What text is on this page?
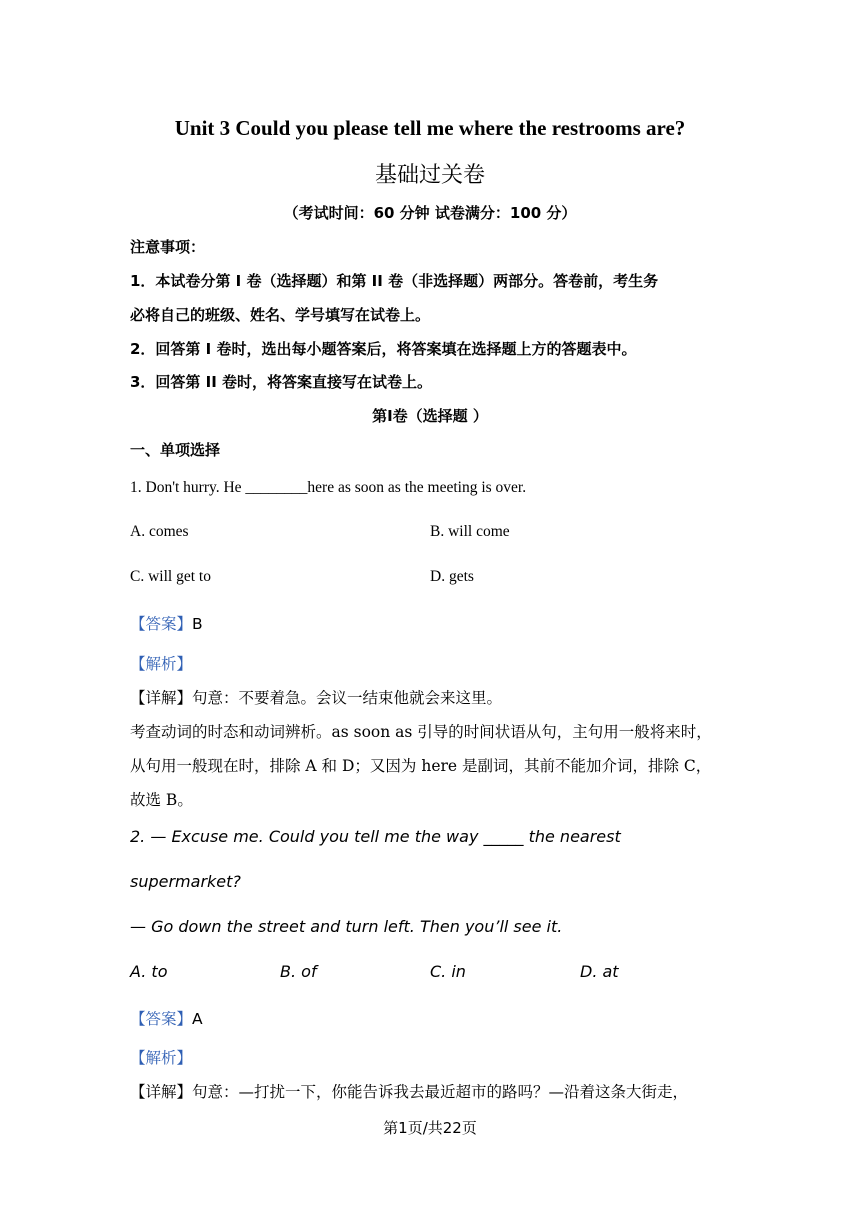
Unit 3 Could you please tell me where the restrooms are?
基础过关卷
（考试时间：60 分钟 试卷满分：100 分）
注意事项：
1．本试卷分第 I 卷（选择题）和第 II 卷（非选择题）两部分。答卷前，考生务
必将自己的班级、姓名、学号填写在试卷上。
2．回答第 I 卷时，选出每小题答案后，将答案填在选择题上方的答题表中。
3．回答第 II 卷时，将答案直接写在试卷上。
第Ⅰ卷（选择题 ）
一、单项选择
1. Don't hurry. He ________here as soon as the meeting is over.
A. comes	B. will come
C. will get to	D. gets
【答案】B
【解析】
【详解】句意：不要着急。会议一结束他就会来这里。
考查动词的时态和动词辨析。as soon as 引导的时间状语从句，主句用一般将来时，
从句用一般现在时，排除 A 和 D；又因为 here 是副词，其前不能加介词，排除 C，
故选 B。
2. — Excuse me. Could you tell me the way _____ the nearest
supermarket?
— Go down the street and turn left. Then you’ll see it.
A. to	B. of	C. in	D. at
【答案】A
【解析】
【详解】句意：—打扰一下，你能告诉我去最近超市的路吗？—沿着这条大街走，
第1页/共22页
